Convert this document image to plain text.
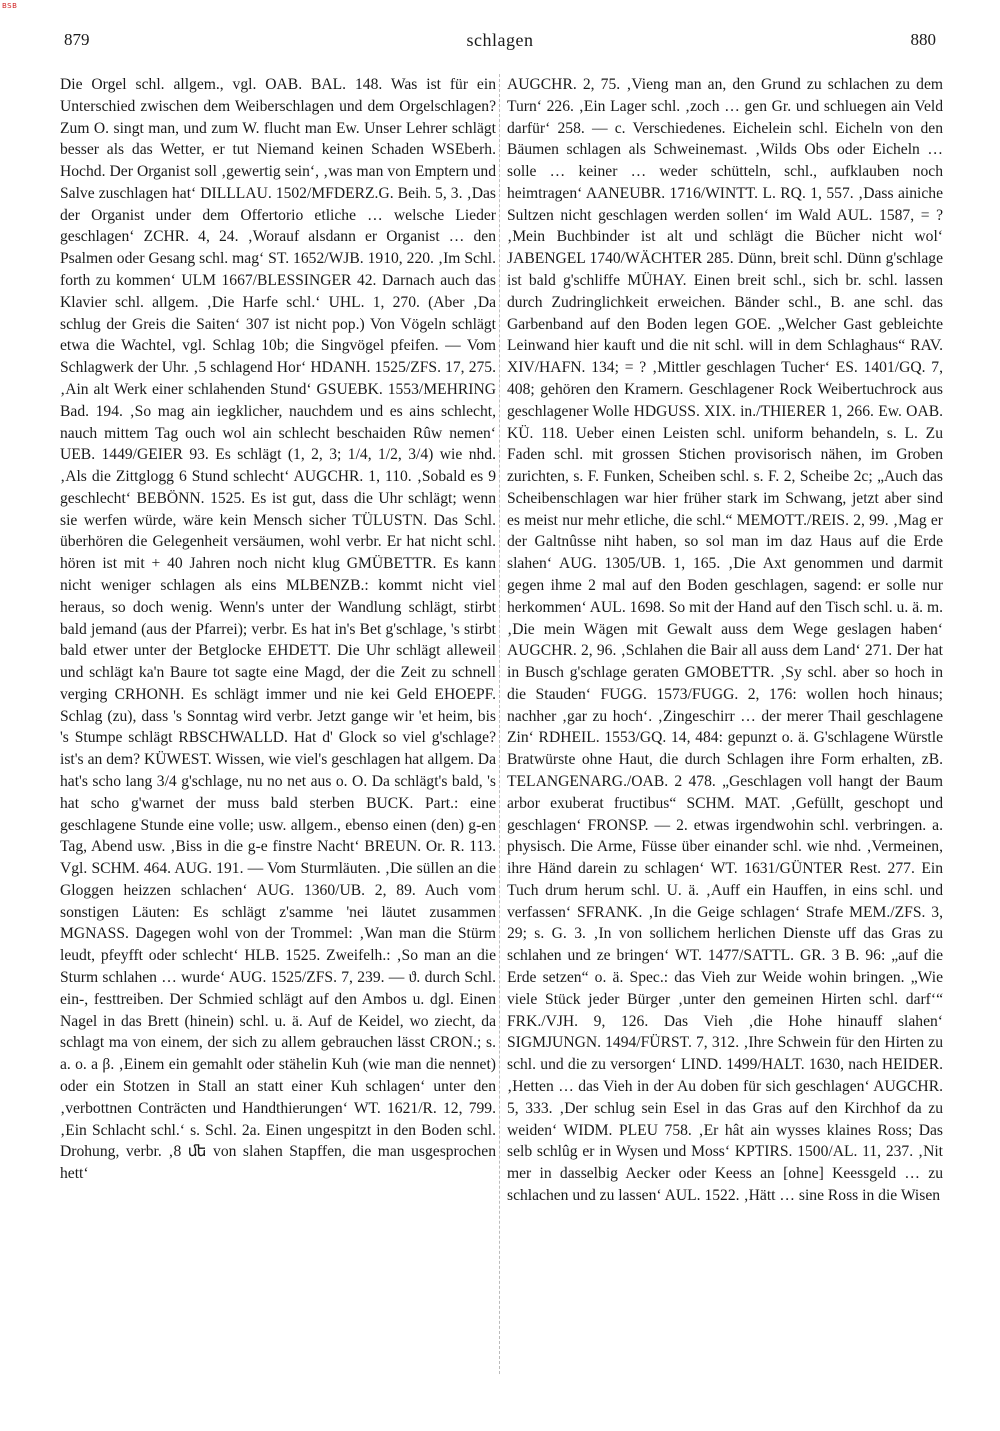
BSB
879	schlagen	880

Die Orgel schl. allgem., vgl. OAB. BAL. 148. Was ist für ein Unterschied zwischen dem Weiberschlagen und dem Orgelschlagen? Zum O. singt man, und zum W. flucht man Ew. Unser Lehrer schlägt besser als das Wetter, er tut Niemand keinen Schaden WSEberh. Hochd. Der Organist soll ‚gewertig sein‘, ‚was man von Emptern und Salve zuschlagen hat‘ DILLLAU. 1502/MFDERZ.G. Beih. 5, 3. ‚Das der Organist under dem Offertorio etliche … welsche Lieder geschlagen‘ ZCHR. 4, 24. ‚Worauf alsdann er Organist … den Psalmen oder Gesang schl. mag‘ ST. 1652/WJB. 1910, 220. ‚Im Schl. forth zu kommen‘ ULM 1667/BLESSINGER 42. Darnach auch das Klavier schl. allgem. ‚Die Harfe schl.‘ UHL. 1, 270. (Aber ‚Da schlug der Greis die Saiten‘ 307 ist nicht pop.) Von Vögeln schlägt etwa die Wachtel, vgl. Schlag 10b; die Singvögel pfeifen. — Vom Schlagwerk der Uhr. ‚5 schlagend Hor‘ HDANH. 1525/ZFS. 17, 275. ‚Ain alt Werk einer schlahenden Stund‘ GSUEBK. 1553/MEHRING Bad. 194. ‚So mag ain iegklicher, nauchdem und es ains schlecht, nauch mittem Tag ouch wol ain schlecht beschaiden Rûw nemen‘ UEB. 1449/GEIER 93. Es schlägt (1, 2, 3; 1/4, 1/2, 3/4) wie nhd. ‚Als die Zittglogg 6 Stund schlecht‘ AUGCHR. 1, 110. ‚Sobald es 9 geschlecht‘ BEBÖNN. 1525. Es ist gut, dass die Uhr schlägt; wenn sie werfen würde, wäre kein Mensch sicher TÜLUSTN. Das Schl. überhören die Gelegenheit versäumen, wohl verbr. Er hat nicht schl. hören ist mit + 40 Jahren noch nicht klug GMÜBETTR. Es kann nicht weniger schlagen als eins MLBENZB.: kommt nicht viel heraus, so doch wenig. Wenn's unter der Wandlung schlägt, stirbt bald jemand (aus der Pfarrei); verbr. Es hat in's Bet g'schlage, 's stirbt bald etwer unter der Betglocke EHDETT. Die Uhr schlägt alleweil und schlägt ka'n Baure tot sagte eine Magd, der die Zeit zu schnell verging CRHONH. Es schlägt immer und nie kei Geld EHOEPF. Schlag (zu), dass 's Sonntag wird verbr. Jetzt gange wir 'et heim, bis 's Stumpe schlägt RBSCHWALLD. Hat d' Glock so viel g'schlage? ist's an dem? KÜWEST. Wissen, wie viel's geschlagen hat allgem. Da hat's scho lang 3/4 g'schlage, nu no net aus o. O. Da schlägt's bald, 's hat scho g'warnet der muss bald sterben BUCK. Part.: eine geschlagene Stunde eine volle; usw. allgem., ebenso einen (den) g-en Tag, Abend usw. ‚Biss in die g-e finstre Nacht‘ BREUN. Or. R. 113. Vgl. SCHM. 464. AUG. 191. — Vom Sturmläuten. ‚Die süllen an die Gloggen heizzen schlachen‘ AUG. 1360/UB. 2, 89. Auch vom sonstigen Läuten: Es schlägt z'samme 'nei läutet zusammen MGNASS. Dagegen wohl von der Trommel: ‚Wan man die Stürm leudt, pfeyfft oder schlecht‘ HLB. 1525. Zweifelh.: ‚So man an die Sturm schlahen … wurde‘ AUG. 1525/ZFS. 7, 239. — ϑ. durch Schl. ein-, festtreiben. Der Schmied schlägt auf den Ambos u. dgl. Einen Nagel in das Brett (hinein) schl. u. ä. Auf de Keidel, wo ziecht, da schlagt ma von einem, der sich zu allem gebrauchen lässt CRON.; s. a. o. a β. ‚Einem ein gemahlt oder stähelin Kuh (wie man die nennet) oder ein Stotzen in Stall an statt einer Kuh schlagen‘ unter den ‚verbottnen Conträcten und Handthierungen‘ WT. 1621/R. 12, 799. ‚Ein Schlacht schl.‘ s. Schl. 2a. Einen ungespitzt in den Boden schl. Drohung, verbr. ‚8 ﬔ von slahen Stapffen, die man usgesprochen hett‘

AUGCHR. 2, 75. ‚Vieng man an, den Grund zu schlachen zu dem Turn‘ 226. ‚Ein Lager schl. ‚zoch … gen Gr. und schluegen ain Veld darfür‘ 258. — c. Verschiedenes. Eichelein schl. Eicheln von den Bäumen schlagen als Schweinemast. ‚Wilds Obs oder Eicheln … solle … keiner … weder schütteln, schl., aufklauben noch heimtragen‘ AANEUBR. 1716/WINTT. L. RQ. 1, 557. ‚Dass ainiche Sultzen nicht geschlagen werden sollen‘ im Wald AUL. 1587, = ? ‚Mein Buchbinder ist alt und schlägt die Bücher nicht wol‘ JABENGEL 1740/WÄCHTER 285. Dünn, breit schl. Dünn g'schlage ist bald g'schliffe MÜHAY. Einen breit schl., sich br. schl. lassen durch Zudringlichkeit erweichen. Bänder schl., B. ane schl. das Garbenband auf den Boden legen GOE. „Welcher Gast gebleichte Leinwand hier kauft und die nit schl. will in dem Schlaghaus“ RAV. XIV/HAFN. 134; = ? ‚Mittler geschlagen Tucher‘ ES. 1401/GQ. 7, 408; gehören den Kramern. Geschlagener Rock Weibertuchrock aus geschlagener Wolle HDGUSS. XIX. in./THIERER 1, 266. Ew. OAB. KÜ. 118. Ueber einen Leisten schl. uniform behandeln, s. L. Zu Faden schl. mit grossen Stichen provisorisch nähen, im Groben zurichten, s. F. Funken, Scheiben schl. s. F. 2, Scheibe 2c; „Auch das Scheibenschlagen war hier früher stark im Schwang, jetzt aber sind es meist nur mehr etliche, die schl.“ MEMOTT./REIS. 2, 99. ‚Mag er der Galtnûsse niht haben, so sol man im daz Haus auf die Erde slahen‘ AUG. 1305/UB. 1, 165. ‚Die Axt genommen und darmit gegen ihme 2 mal auf den Boden geschlagen, sagend: er solle nur herkommen‘ AUL. 1698. So mit der Hand auf den Tisch schl. u. ä. m. ‚Die mein Wägen mit Gewalt auss dem Wege geslagen haben‘ AUGCHR. 2, 96. ‚Schlahen die Bair all auss dem Land‘ 271. Der hat in Busch g'schlage geraten GMOBETTR. ‚Sy schl. aber so hoch in die Stauden‘ FUGG. 1573/FUGG. 2, 176: wollen hoch hinaus; nachher ‚gar zu hoch‘. ‚Zingeschirr … der merer Thail geschlagene Zin‘ RDHEIL. 1553/GQ. 14, 484: gepunzt o. ä. G'schlagene Würstle Bratwürste ohne Haut, die durch Schlagen ihre Form erhalten, zB. TELANGENARG./OAB. 2 478. „Geschlagen voll hangt der Baum arbor exuberat fructibus“ SCHM. MAT. ‚Gefüllt, geschopt und geschlagen‘ FRONSP. — 2. etwas irgendwohin schl. verbringen. a. physisch. Die Arme, Füsse über einander schl. wie nhd. ‚Vermeinen, ihre Händ darein zu schlagen‘ WT. 1631/GÜNTER Rest. 277. Ein Tuch drum herum schl. U. ä. ‚Auff ein Hauffen, in eins schl. und verfassen‘ SFRANK. ‚In die Geige schlagen‘ Strafe MEM./ZFS. 3, 29; s. G. 3. ‚In von sollichem herlichen Dienste uff das Gras zu schlahen und ze bringen‘ WT. 1477/SATTL. GR. 3 B. 96: „auf die Erde setzen“ o. ä. Spec.: das Vieh zur Weide wohin bringen. „Wie viele Stück jeder Bürger ‚unter den gemeinen Hirten schl. darf‘“ FRK./VJH. 9, 126. Das Vieh ‚die Hohe hinauff slahen‘ SIGMJUNGN. 1494/FÜRST. 7, 312. ‚Ihre Schwein für den Hirten zu schl. und die zu versorgen‘ LIND. 1499/HALT. 1630, nach HEIDER. ‚Hetten … das Vieh in der Au doben für sich geschlagen‘ AUGCHR. 5, 333. ‚Der schlug sein Esel in das Gras auf den Kirchhof da zu weiden‘ WIDM. PLEU 758. ‚Er hât ain wysses klaines Ross; Das selb schlûg er in Wysen und Moss‘ KPTIRS. 1500/AL. 11, 237. ‚Nit mer in dasselbig Aecker oder Keess an [ohne] Keessgeld … zu schlachen und zu lassen‘ AUL. 1522. ‚Hätt … sine Ross in die Wisen
